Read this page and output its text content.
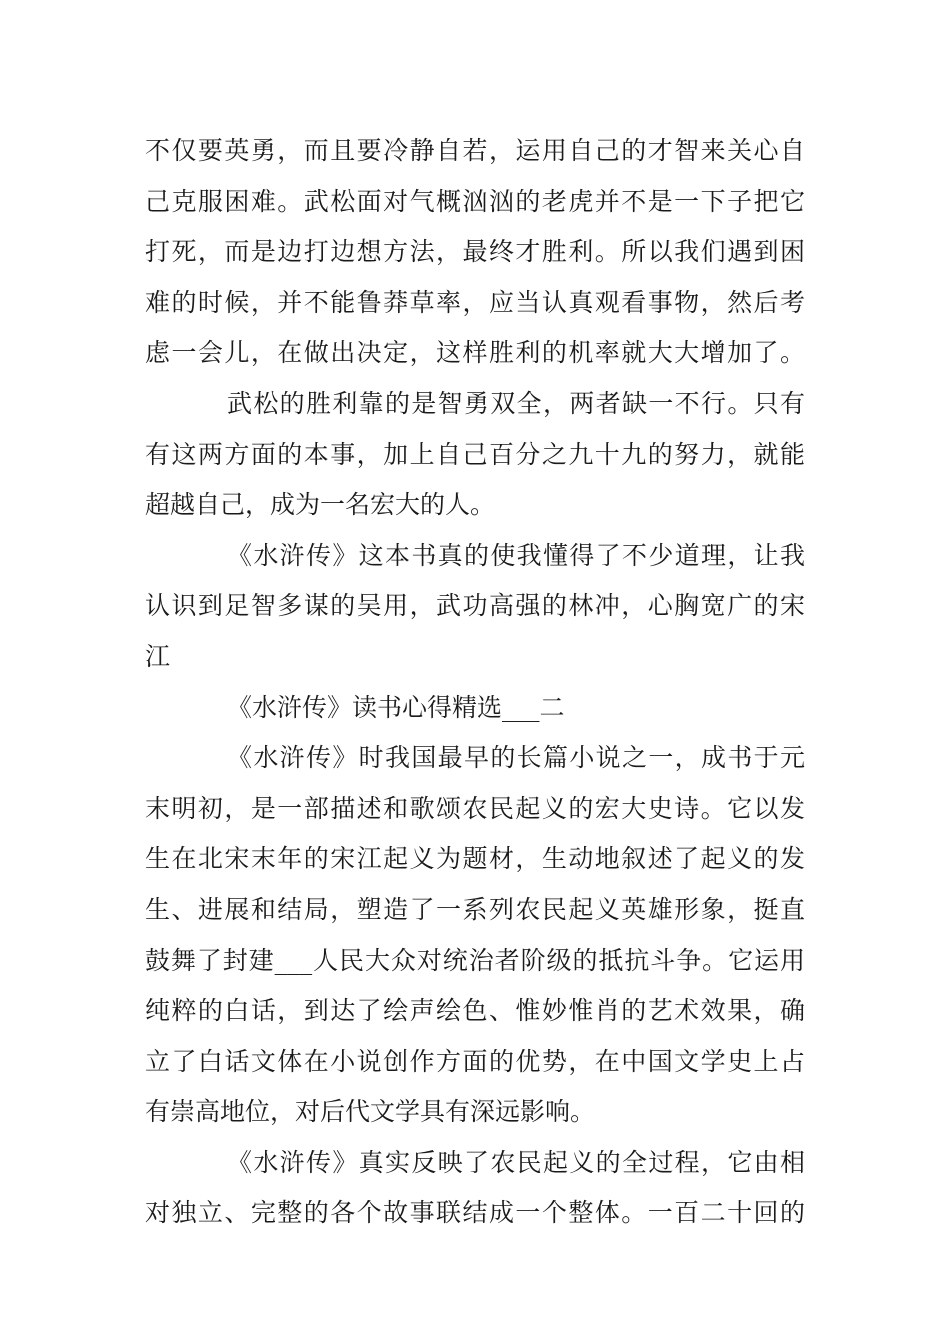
不仅要英勇，而且要冷静自若，运用自己的才智来关心自
己克服困难。武松面对气概汹汹的老虎并不是一下子把它
打死，而是边打边想方法，最终才胜利。所以我们遇到困
难的时候，并不能鲁莽草率，应当认真观看事物，然后考
虑一会儿，在做出决定，这样胜利的机率就大大增加了。
武松的胜利靠的是智勇双全，两者缺一不行。只有
有这两方面的本事，加上自己百分之九十九的努力，就能
超越自己，成为一名宏大的人。
《水浒传》这本书真的使我懂得了不少道理，让我
认识到足智多谋的吴用，武功高强的林冲，心胸宽广的宋
江
《水浒传》读书心得精选___二
《水浒传》时我国最早的长篇小说之一，成书于元
末明初，是一部描述和歌颂农民起义的宏大史诗。它以发
生在北宋末年的宋江起义为题材，生动地叙述了起义的发
生、进展和结局，塑造了一系列农民起义英雄形象，挺直
鼓舞了封建___人民大众对统治者阶级的抵抗斗争。它运用
纯粹的白话，到达了绘声绘色、惟妙惟肖的艺术效果，确
立了白话文体在小说创作方面的优势，在中国文学史上占
有崇高地位，对后代文学具有深远影响。
《水浒传》真实反映了农民起义的全过程，它由相
对独立、完整的各个故事联结成一个整体。一百二十回的
